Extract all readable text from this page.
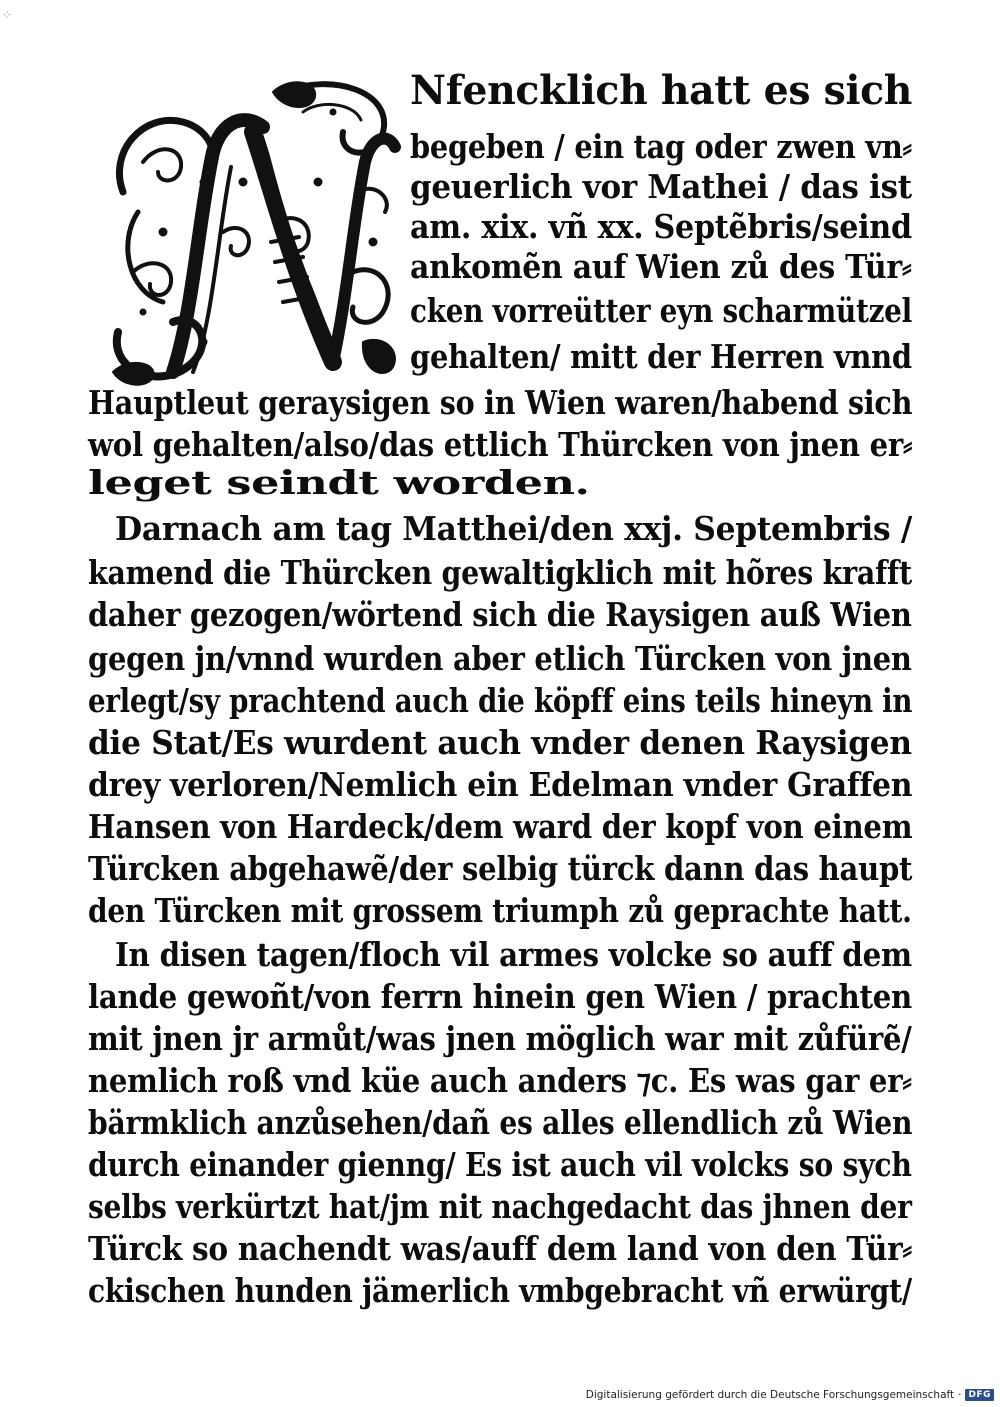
⁘
Nfencklich hatt es sich
begeben / ein tag oder zwen vn⸗
geuerlich vor Mathei / das ist
am. xix. vñ xx. Septẽbris/seind
ankomẽn auf Wien zů des Tür⸗
cken vorreütter eyn scharmützel
gehalten/ mitt der Herren vnnd
Hauptleut geraysigen so in Wien waren/habend sich
wol gehalten/also/das ettlich Thürcken von jnen er⸗
leget seindt worden.
Darnach am tag Matthei/den xxj. Septembris /
kamend die Thürcken gewaltigklich mit hõres krafft
daher gezogen/wörtend sich die Raysigen auß Wien
gegen jn/vnnd wurden aber etlich Türcken von jnen
erlegt/sy prachtend auch die köpff eins teils hineyn in
die Stat/Es wurdent auch vnder denen Raysigen
drey verloren/Nemlich ein Edelman vnder Graffen
Hansen von Hardeck/dem ward der kopf von einem
Türcken abgehawẽ/der selbig türck dann das haupt
den Türcken mit grossem triumph zů geprachte hatt.
In disen tagen/floch vil armes volcke so auff dem
lande gewoñt/von ferrn hinein gen Wien / prachten
mit jnen jr armůt/was jnen möglich war mit zůfürẽ/
nemlich roß vnd küe auch anders ⁊c. Es was gar er⸗
bärmklich anzůsehen/dañ es alles ellendlich zů Wien
durch einander gienng/ Es ist auch vil volcks so sych
selbs verkürtzt hat/jm nit nachgedacht das jhnen der
Türck so nachendt was/auff dem land von den Tür⸗
ckischen hunden jämerlich vmbgebracht vñ erwürgt/
Digitalisierung gefördert durch die Deutsche Forschungsgemeinschaft · DFG
